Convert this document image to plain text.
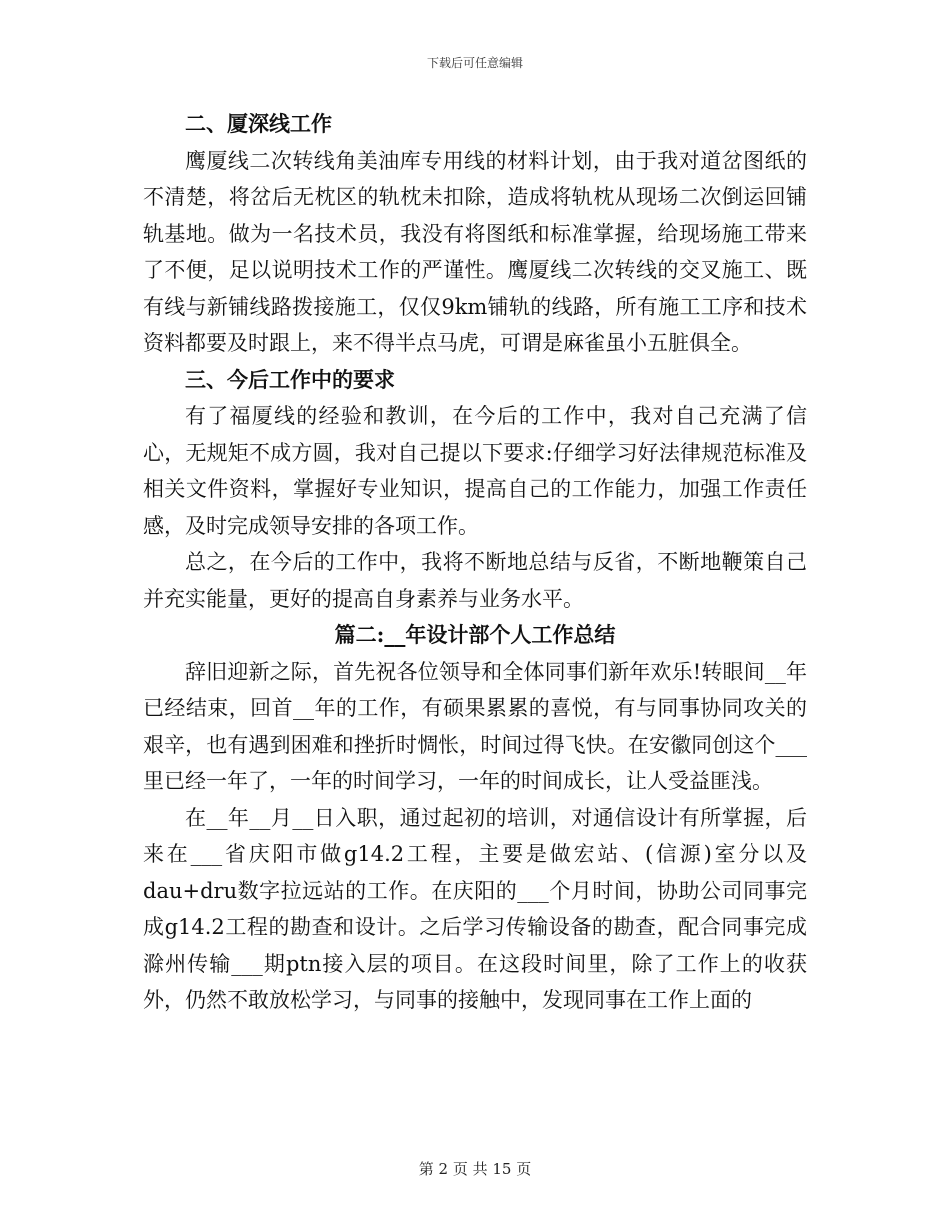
下载后可任意编辑
二、厦深线工作

鹰厦线二次转线角美油库专用线的材料计划，由于我对道岔图纸的不清楚，将岔后无枕区的轨枕未扣除，造成将轨枕从现场二次倒运回铺轨基地。做为一名技术员，我没有将图纸和标准掌握，给现场施工带来了不便，足以说明技术工作的严谨性。鹰厦线二次转线的交叉施工、既有线与新铺线路拨接施工，仅仅9km铺轨的线路，所有施工工序和技术资料都要及时跟上，来不得半点马虎，可谓是麻雀虽小五脏俱全。

三、今后工作中的要求

有了福厦线的经验和教训，在今后的工作中，我对自己充满了信心，无规矩不成方圆，我对自己提以下要求:仔细学习好法律规范标准及相关文件资料，掌握好专业知识，提高自己的工作能力，加强工作责任感，及时完成领导安排的各项工作。

总之，在今后的工作中，我将不断地总结与反省，不断地鞭策自己并充实能量，更好的提高自身素养与业务水平。

篇二:__年设计部个人工作总结

辞旧迎新之际，首先祝各位领导和全体同事们新年欢乐!转眼间__年已经结束，回首__年的工作，有硕果累累的喜悦，有与同事协同攻关的艰辛，也有遇到困难和挫折时惆怅，时间过得飞快。在安徽同创这个___里已经一年了，一年的时间学习，一年的时间成长，让人受益匪浅。

在__年__月__日入职，通过起初的培训，对通信设计有所掌握，后来在___省庆阳市做g14.2工程，主要是做宏站、(信源)室分以及dau+dru数字拉远站的工作。在庆阳的___个月时间，协助公司同事完成g14.2工程的勘查和设计。之后学习传输设备的勘查，配合同事完成滁州传输___期ptn接入层的项目。在这段时间里，除了工作上的收获外，仍然不敢放松学习，与同事的接触中，发现同事在工作上面的

第 2 页 共 15 页
